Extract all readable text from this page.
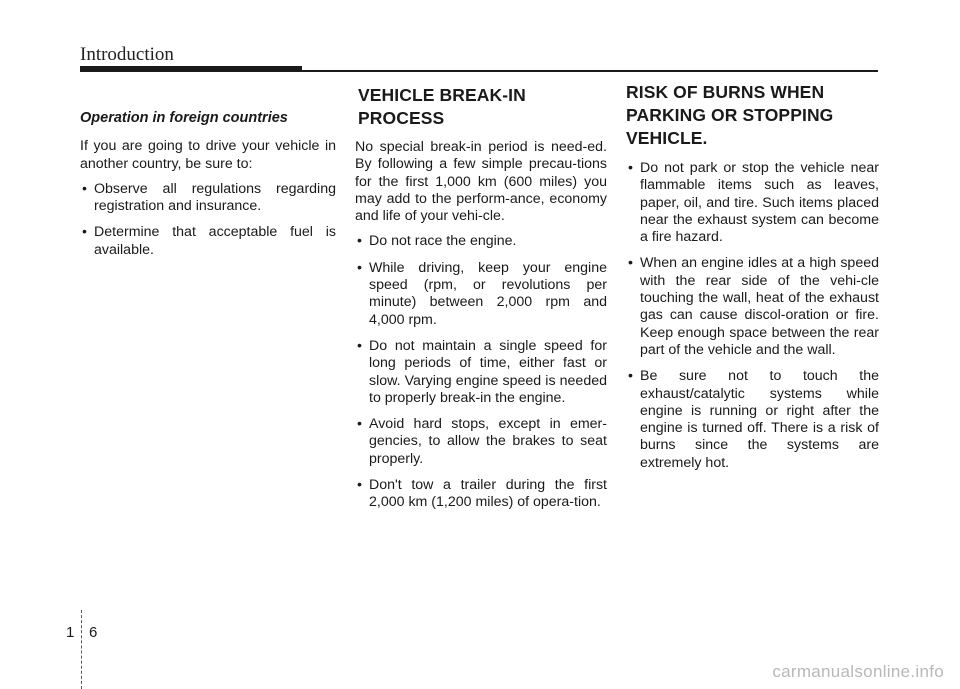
Introduction
Operation in foreign countries

If you are going to drive your vehicle in another country, be sure to:

• Observe all regulations regarding registration and insurance.
• Determine that acceptable fuel is available.
VEHICLE BREAK-IN
PROCESS

No special break-in period is need-ed. By following a few simple precau-tions for the first 1,000 km (600 miles) you may add to the perform-ance, economy and life of your vehi-cle.

• Do not race the engine.
• While driving, keep your engine speed (rpm, or revolutions per minute) between 2,000 rpm and 4,000 rpm.
• Do not maintain a single speed for long periods of time, either fast or slow. Varying engine speed is needed to properly break-in the engine.
• Avoid hard stops, except in emer-gencies, to allow the brakes to seat properly.
• Don't tow a trailer during the first 2,000 km (1,200 miles) of opera-tion.
RISK OF BURNS WHEN
PARKING OR STOPPING
VEHICLE.
• Do not park or stop the vehicle near flammable items such as leaves, paper, oil, and tire. Such items placed near the exhaust system can become a fire hazard.
• When an engine idles at a high speed with the rear side of the vehi-cle touching the wall, heat of the exhaust gas can cause discol-oration or fire. Keep enough space between the rear part of the vehicle and the wall.
• Be sure not to touch the exhaust/catalytic systems while engine is running or right after the engine is turned off. There is a risk of burns since the systems are extremely hot.
1 6
carmanualsonline.info
